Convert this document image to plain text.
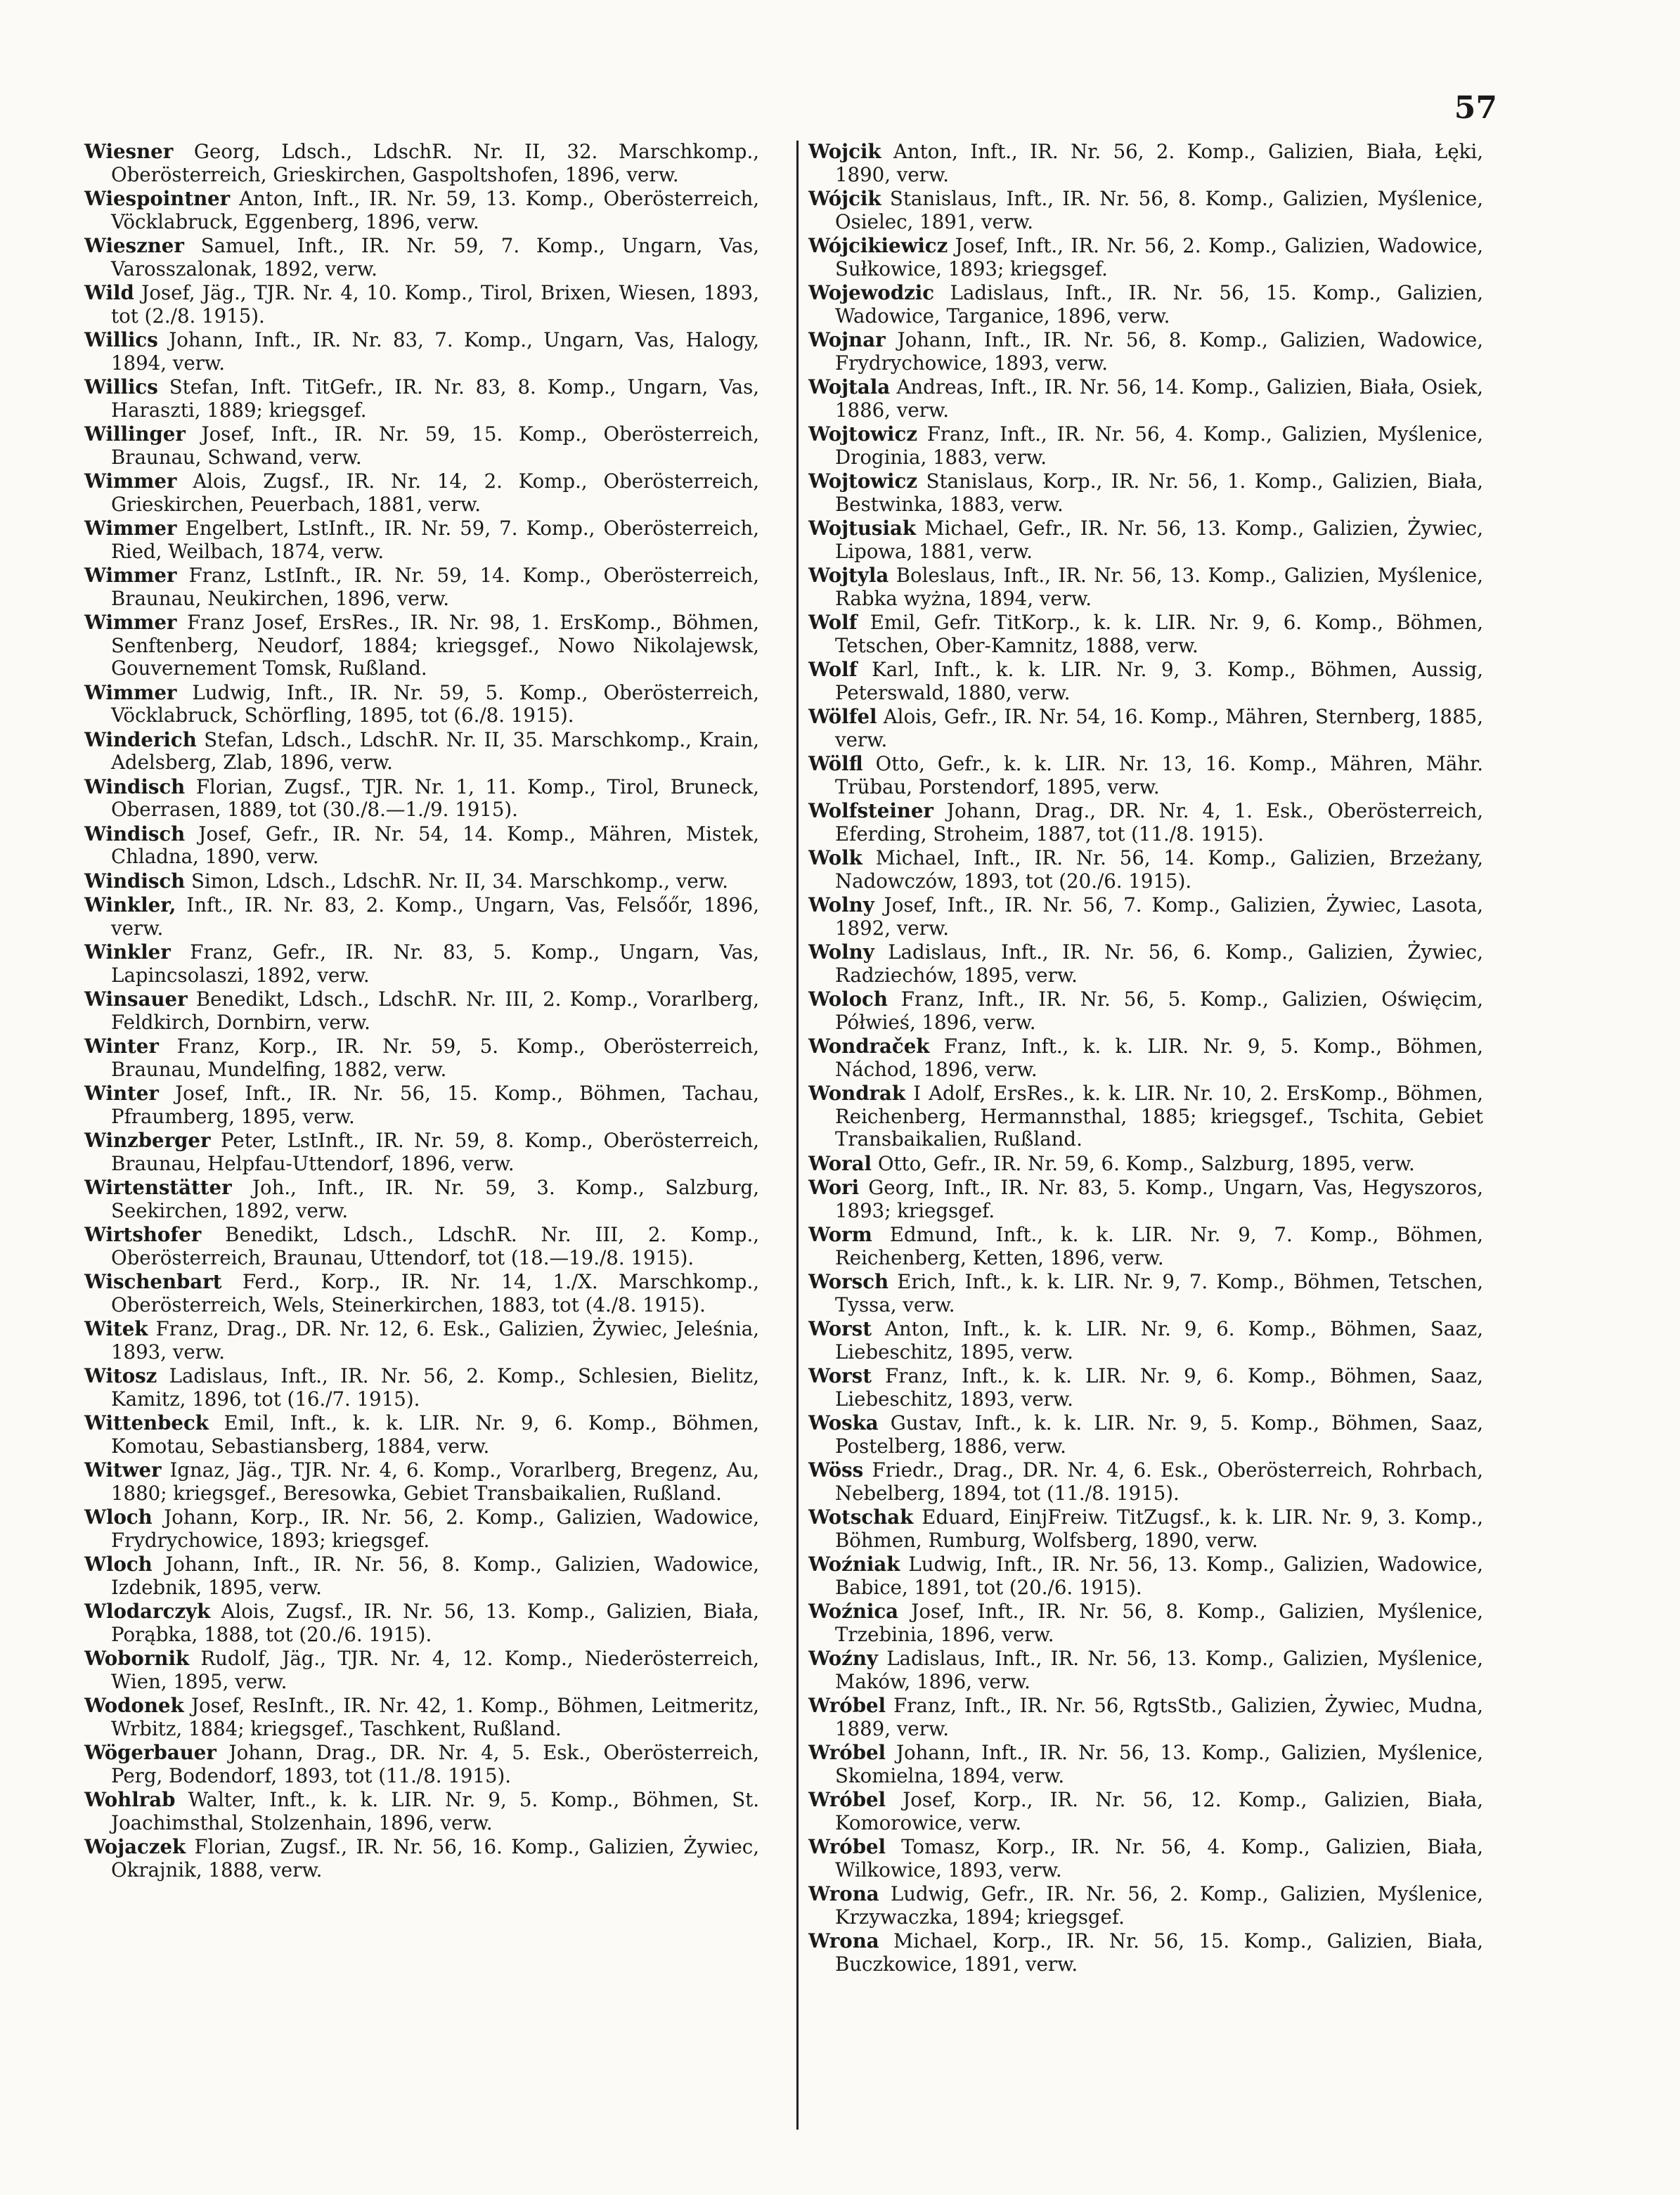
57

Wiesner Georg, Ldsch., LdschR. Nr. II, 32. Marschkomp., Oberösterreich, Grieskirchen, Gaspoltshofen, 1896, verw.

Wiespointner Anton, Inft., IR. Nr. 59, 13. Komp., Oberösterreich, Vöcklabruck, Eggenberg, 1896, verw.

Wieszner Samuel, Inft., IR. Nr. 59, 7. Komp., Ungarn, Vas, Varosszalonak, 1892, verw.

Wild Josef, Jäg., TJR. Nr. 4, 10. Komp., Tirol, Brixen, Wiesen, 1893, tot (2./8. 1915).

Willics Johann, Inft., IR. Nr. 83, 7. Komp., Ungarn, Vas, Halogy, 1894, verw.

Willics Stefan, Inft. TitGefr., IR. Nr. 83, 8. Komp., Ungarn, Vas, Haraszti, 1889; kriegsgef.

Willinger Josef, Inft., IR. Nr. 59, 15. Komp., Oberösterreich, Braunau, Schwand, verw.

Wimmer Alois, Zugsf., IR. Nr. 14, 2. Komp., Oberösterreich, Grieskirchen, Peuerbach, 1881, verw.

Wimmer Engelbert, LstInft., IR. Nr. 59, 7. Komp., Oberösterreich, Ried, Weilbach, 1874, verw.

Wimmer Franz, LstInft., IR. Nr. 59, 14. Komp., Oberösterreich, Braunau, Neukirchen, 1896, verw.

Wimmer Franz Josef, ErsRes., IR. Nr. 98, 1. ErsKomp., Böhmen, Senftenberg, Neudorf, 1884; kriegsgef., Nowo Nikolajewsk, Gouvernement Tomsk, Rußland.

Wimmer Ludwig, Inft., IR. Nr. 59, 5. Komp., Oberösterreich, Vöcklabruck, Schörfling, 1895, tot (6./8. 1915).

Winderich Stefan, Ldsch., LdschR. Nr. II, 35. Marschkomp., Krain, Adelsberg, Zlab, 1896, verw.

Windisch Florian, Zugsf., TJR. Nr. 1, 11. Komp., Tirol, Bruneck, Oberrasen, 1889, tot (30./8.—1./9. 1915).

Windisch Josef, Gefr., IR. Nr. 54, 14. Komp., Mähren, Mistek, Chladna, 1890, verw.

Windisch Simon, Ldsch., LdschR. Nr. II, 34. Marschkomp., verw.

Winkler, Inft., IR. Nr. 83, 2. Komp., Ungarn, Vas, Felsőőr, 1896, verw.

Winkler Franz, Gefr., IR. Nr. 83, 5. Komp., Ungarn, Vas, Lapincsolaszi, 1892, verw.

Winsauer Benedikt, Ldsch., LdschR. Nr. III, 2. Komp., Vorarlberg, Feldkirch, Dornbirn, verw.

Winter Franz, Korp., IR. Nr. 59, 5. Komp., Oberösterreich, Braunau, Mundelfing, 1882, verw.

Winter Josef, Inft., IR. Nr. 56, 15. Komp., Böhmen, Tachau, Pfraumberg, 1895, verw.

Winzberger Peter, LstInft., IR. Nr. 59, 8. Komp., Oberösterreich, Braunau, Helpfau-Uttendorf, 1896, verw.

Wirtenstätter Joh., Inft., IR. Nr. 59, 3. Komp., Salzburg, Seekirchen, 1892, verw.

Wirtshofer Benedikt, Ldsch., LdschR. Nr. III, 2. Komp., Oberösterreich, Braunau, Uttendorf, tot (18.—19./8. 1915).

Wischenbart Ferd., Korp., IR. Nr. 14, 1./X. Marschkomp., Oberösterreich, Wels, Steinerkirchen, 1883, tot (4./8. 1915).

Witek Franz, Drag., DR. Nr. 12, 6. Esk., Galizien, Żywiec, Jeleśnia, 1893, verw.

Witosz Ladislaus, Inft., IR. Nr. 56, 2. Komp., Schlesien, Bielitz, Kamitz, 1896, tot (16./7. 1915).

Wittenbeck Emil, Inft., k. k. LIR. Nr. 9, 6. Komp., Böhmen, Komotau, Sebastiansberg, 1884, verw.

Witwer Ignaz, Jäg., TJR. Nr. 4, 6. Komp., Vorarlberg, Bregenz, Au, 1880; kriegsgef., Beresowka, Gebiet Transbaikalien, Rußland.

Wloch Johann, Korp., IR. Nr. 56, 2. Komp., Galizien, Wadowice, Frydrychowice, 1893; kriegsgef.

Wloch Johann, Inft., IR. Nr. 56, 8. Komp., Galizien, Wadowice, Izdebnik, 1895, verw.

Wlodarczyk Alois, Zugsf., IR. Nr. 56, 13. Komp., Galizien, Biała, Porąbka, 1888, tot (20./6. 1915).

Wobornik Rudolf, Jäg., TJR. Nr. 4, 12. Komp., Niederösterreich, Wien, 1895, verw.

Wodonek Josef, ResInft., IR. Nr. 42, 1. Komp., Böhmen, Leitmeritz, Wrbitz, 1884; kriegsgef., Taschkent, Rußland.

Wögerbauer Johann, Drag., DR. Nr. 4, 5. Esk., Oberösterreich, Perg, Bodendorf, 1893, tot (11./8. 1915).

Wohlrab Walter, Inft., k. k. LIR. Nr. 9, 5. Komp., Böhmen, St. Joachimsthal, Stolzenhain, 1896, verw.

Wojaczek Florian, Zugsf., IR. Nr. 56, 16. Komp., Galizien, Żywiec, Okrajnik, 1888, verw.

Wojcik Anton, Inft., IR. Nr. 56, 2. Komp., Galizien, Biała, Łęki, 1890, verw.

Wójcik Stanislaus, Inft., IR. Nr. 56, 8. Komp., Galizien, Myślenice, Osielec, 1891, verw.

Wójcikiewicz Josef, Inft., IR. Nr. 56, 2. Komp., Galizien, Wadowice, Sułkowice, 1893; kriegsgef.

Wojewodzic Ladislaus, Inft., IR. Nr. 56, 15. Komp., Galizien, Wadowice, Targanice, 1896, verw.

Wojnar Johann, Inft., IR. Nr. 56, 8. Komp., Galizien, Wadowice, Frydrychowice, 1893, verw.

Wojtala Andreas, Inft., IR. Nr. 56, 14. Komp., Galizien, Biała, Osiek, 1886, verw.

Wojtowicz Franz, Inft., IR. Nr. 56, 4. Komp., Galizien, Myślenice, Droginia, 1883, verw.

Wojtowicz Stanislaus, Korp., IR. Nr. 56, 1. Komp., Galizien, Biała, Bestwinka, 1883, verw.

Wojtusiak Michael, Gefr., IR. Nr. 56, 13. Komp., Galizien, Żywiec, Lipowa, 1881, verw.

Wojtyla Boleslaus, Inft., IR. Nr. 56, 13. Komp., Galizien, Myślenice, Rabka wyżna, 1894, verw.

Wolf Emil, Gefr. TitKorp., k. k. LIR. Nr. 9, 6. Komp., Böhmen, Tetschen, Ober-Kamnitz, 1888, verw.

Wolf Karl, Inft., k. k. LIR. Nr. 9, 3. Komp., Böhmen, Aussig, Peterswald, 1880, verw.

Wölfel Alois, Gefr., IR. Nr. 54, 16. Komp., Mähren, Sternberg, 1885, verw.

Wölfl Otto, Gefr., k. k. LIR. Nr. 13, 16. Komp., Mähren, Mähr. Trübau, Porstendorf, 1895, verw.

Wolfsteiner Johann, Drag., DR. Nr. 4, 1. Esk., Oberösterreich, Eferding, Stroheim, 1887, tot (11./8. 1915).

Wolk Michael, Inft., IR. Nr. 56, 14. Komp., Galizien, Brzeżany, Nadowczów, 1893, tot (20./6. 1915).

Wolny Josef, Inft., IR. Nr. 56, 7. Komp., Galizien, Żywiec, Lasota, 1892, verw.

Wolny Ladislaus, Inft., IR. Nr. 56, 6. Komp., Galizien, Żywiec, Radziechów, 1895, verw.

Woloch Franz, Inft., IR. Nr. 56, 5. Komp., Galizien, Oświęcim, Półwieś, 1896, verw.

Wondraček Franz, Inft., k. k. LIR. Nr. 9, 5. Komp., Böhmen, Náchod, 1896, verw.

Wondrak I Adolf, ErsRes., k. k. LIR. Nr. 10, 2. ErsKomp., Böhmen, Reichenberg, Hermannsthal, 1885; kriegsgef., Tschita, Gebiet Transbaikalien, Rußland.

Woral Otto, Gefr., IR. Nr. 59, 6. Komp., Salzburg, 1895, verw.

Wori Georg, Inft., IR. Nr. 83, 5. Komp., Ungarn, Vas, Hegyszoros, 1893; kriegsgef.

Worm Edmund, Inft., k. k. LIR. Nr. 9, 7. Komp., Böhmen, Reichenberg, Ketten, 1896, verw.

Worsch Erich, Inft., k. k. LIR. Nr. 9, 7. Komp., Böhmen, Tetschen, Tyssa, verw.

Worst Anton, Inft., k. k. LIR. Nr. 9, 6. Komp., Böhmen, Saaz, Liebeschitz, 1895, verw.

Worst Franz, Inft., k. k. LIR. Nr. 9, 6. Komp., Böhmen, Saaz, Liebeschitz, 1893, verw.

Woska Gustav, Inft., k. k. LIR. Nr. 9, 5. Komp., Böhmen, Saaz, Postelberg, 1886, verw.

Wöss Friedr., Drag., DR. Nr. 4, 6. Esk., Oberösterreich, Rohrbach, Nebelberg, 1894, tot (11./8. 1915).

Wotschak Eduard, EinjFreiw. TitZugsf., k. k. LIR. Nr. 9, 3. Komp., Böhmen, Rumburg, Wolfsberg, 1890, verw.

Woźniak Ludwig, Inft., IR. Nr. 56, 13. Komp., Galizien, Wadowice, Babice, 1891, tot (20./6. 1915).

Woźnica Josef, Inft., IR. Nr. 56, 8. Komp., Galizien, Myślenice, Trzebinia, 1896, verw.

Woźny Ladislaus, Inft., IR. Nr. 56, 13. Komp., Galizien, Myślenice, Maków, 1896, verw.

Wróbel Franz, Inft., IR. Nr. 56, RgtsStb., Galizien, Żywiec, Mudna, 1889, verw.

Wróbel Johann, Inft., IR. Nr. 56, 13. Komp., Galizien, Myślenice, Skomielna, 1894, verw.

Wróbel Josef, Korp., IR. Nr. 56, 12. Komp., Galizien, Biała, Komorowice, verw.

Wróbel Tomasz, Korp., IR. Nr. 56, 4. Komp., Galizien, Biała, Wilkowice, 1893, verw.

Wrona Ludwig, Gefr., IR. Nr. 56, 2. Komp., Galizien, Myślenice, Krzywaczka, 1894; kriegsgef.

Wrona Michael, Korp., IR. Nr. 56, 15. Komp., Galizien, Biała, Buczkowice, 1891, verw.
